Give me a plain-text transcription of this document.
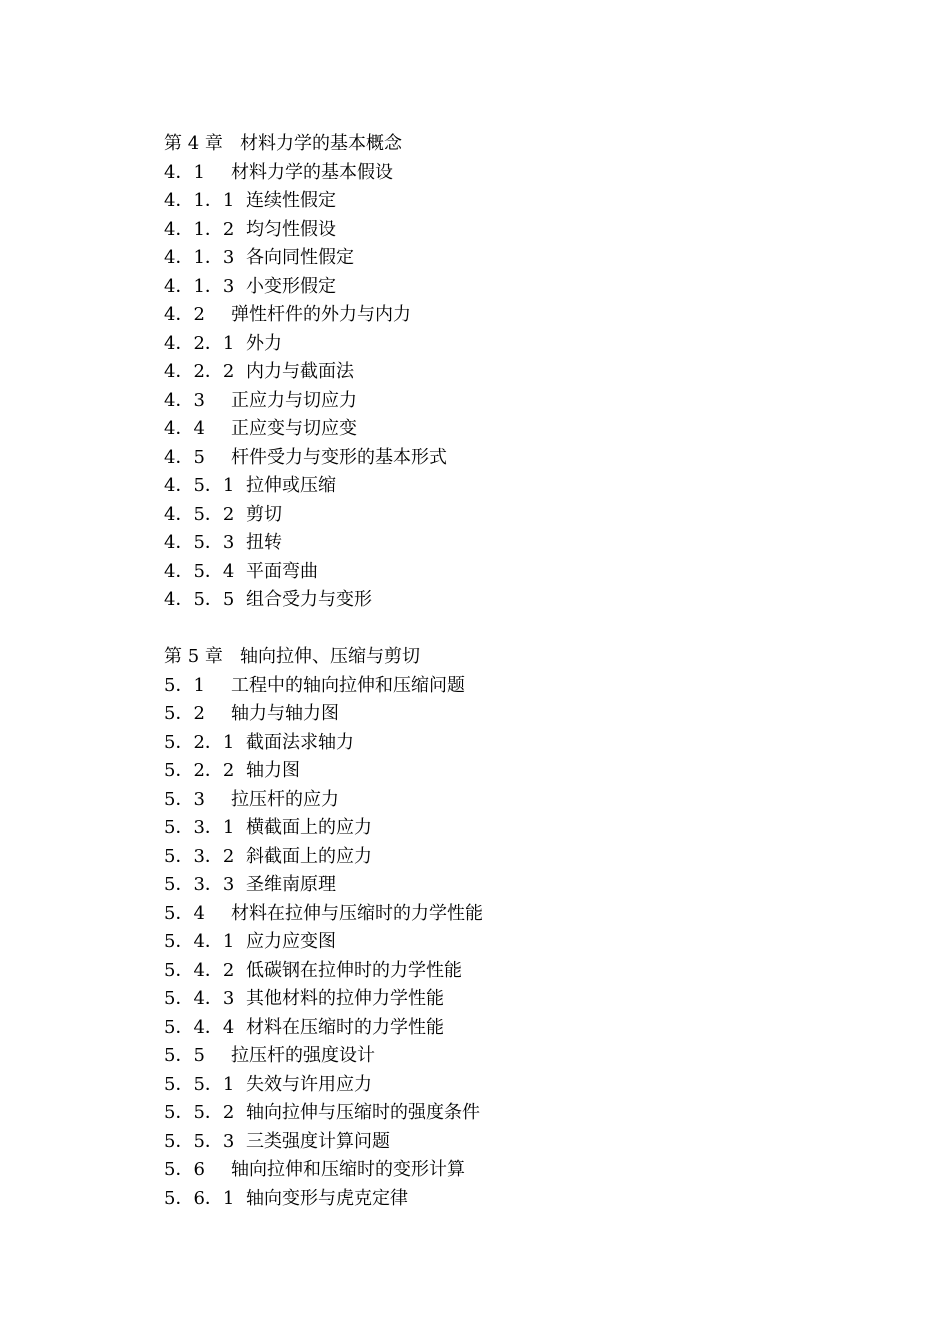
第 4 章 材料力学的基本概念
4．1	材料力学的基本假设
4．1．1 连续性假定
4．1．2 均匀性假设
4．1．3 各向同性假定
4．1．3 小变形假定
4．2	弹性杆件的外力与内力
4．2．1 外力
4．2．2 内力与截面法
4．3	正应力与切应力
4．4	正应变与切应变
4．5	杆件受力与变形的基本形式
4．5．1 拉伸或压缩
4．5．2 剪切
4．5．3 扭转
4．5．4 平面弯曲
4．5．5 组合受力与变形
第 5 章 轴向拉伸、压缩与剪切
5．1	工程中的轴向拉伸和压缩问题
5．2	轴力与轴力图
5．2．1 截面法求轴力
5．2．2 轴力图
5．3	拉压杆的应力
5．3．1 横截面上的应力
5．3．2 斜截面上的应力
5．3．3 圣维南原理
5．4	材料在拉伸与压缩时的力学性能
5．4．1 应力应变图
5．4．2 低碳钢在拉伸时的力学性能
5．4．3 其他材料的拉伸力学性能
5．4．4 材料在压缩时的力学性能
5．5	拉压杆的强度设计
5．5．1 失效与许用应力
5．5．2 轴向拉伸与压缩时的强度条件
5．5．3 三类强度计算问题
5．6	轴向拉伸和压缩时的变形计算
5．6．1 轴向变形与虎克定律
